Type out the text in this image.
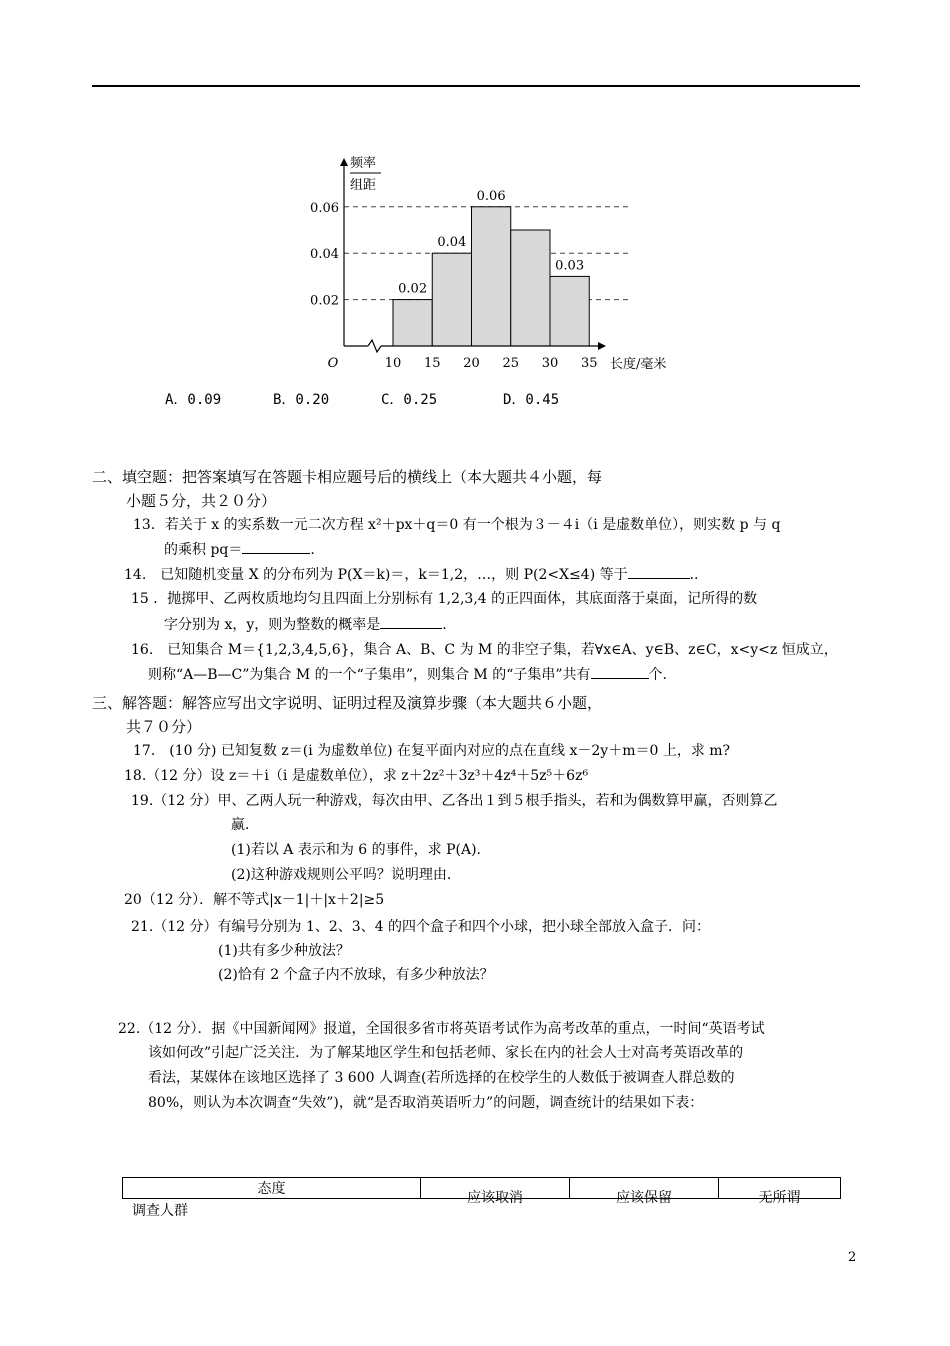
0.02
0.04
0.06
0.03
0.02
0.04
0.06
10 15 20 25 30 35
O	长度/毫米
频率
组距
A．0.09	B．0.20	C．0.25	D．0.45
二、填空题：把答案填写在答题卡相应题号后的横线上（本大题共４小题，每
小题５分，共２０分）
13．若关于 x 的实系数一元二次方程 x²＋px＋q＝0 有一个根为３－４i（i 是虚数单位），则实数 p 与 q
的乘积 pq＝	.
14.　已知随机变量 X 的分布列为 P(X＝k)＝，k＝1,2，…，则 P(2<X≤4) 等于	..
15 ．抛掷甲、乙两枚质地均匀且四面上分别标有 1,2,3,4 的正四面体，其底面落于桌面，记所得的数
字分别为 x，y，则为整数的概率是	.
16.　已知集合 M＝{1,2,3,4,5,6}，集合 A、B、C 为 M 的非空子集，若∀x∈A、y∈B、z∈C，x<y<z 恒成立，
则称“A—B—C”为集合 M 的一个“子集串”，则集合 M 的“子集串”共有	个.
三、解答题：解答应写出文字说明、证明过程及演算步骤（本大题共６小题，
共７０分）
17.　(10 分) 已知复数 z＝(i 为虚数单位) 在复平面内对应的点在直线 x－2y＋m＝0 上，求 m?
18.（12 分）设 z＝＋i（i 是虚数单位），求 z＋2z²＋3z³＋4z⁴＋5z⁵＋6z⁶
19.（12 分）甲、乙两人玩一种游戏，每次由甲、乙各出１到５根手指头，若和为偶数算甲赢，否则算乙
赢.
(1)若以 A 表示和为 6 的事件，求 P(A).
(2)这种游戏规则公平吗？说明理由.
20（12 分）．解不等式|x－1|＋|x＋2|≥5
21.（12 分）有编号分别为 1、2、3、4 的四个盒子和四个小球，把小球全部放入盒子．问：
(1)共有多少种放法？
(2)恰有 2 个盒子内不放球，有多少种放法？
22.（12 分）．据《中国新闻网》报道，全国很多省市将英语考试作为高考改革的重点，一时间“英语考试
该如何改”引起广泛关注．为了解某地区学生和包括老师、家长在内的社会人士对高考英语改革的
看法，某媒体在该地区选择了 3 600 人调查(若所选择的在校学生的人数低于被调查人群总数的
80%，则认为本次调查“失效”)，就“是否取消英语听力”的问题，调查统计的结果如下表：
态度	应该取消	应该保留	无所谓
调查人群
2
